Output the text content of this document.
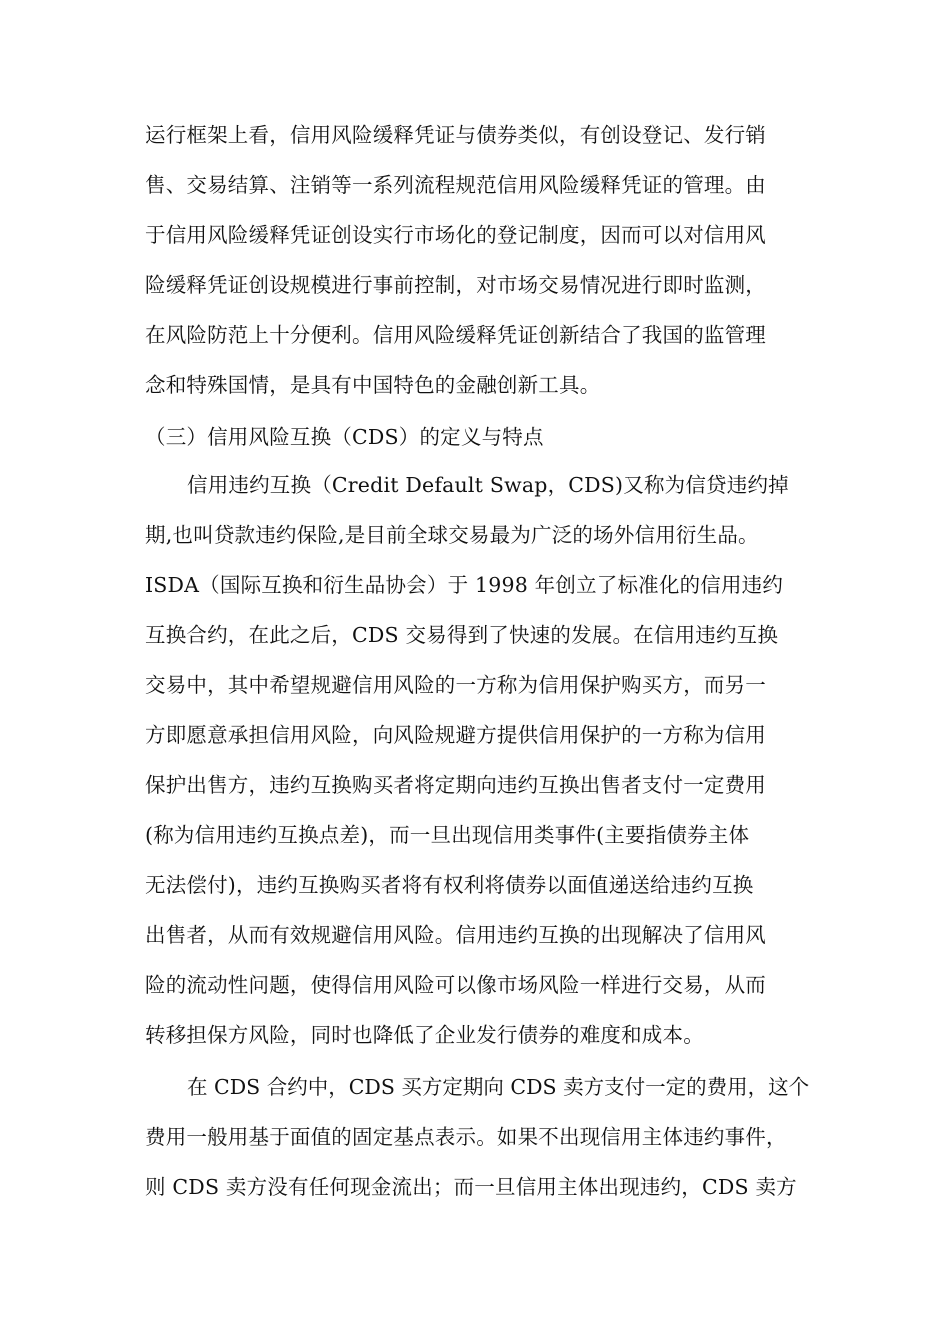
运行框架上看，信用风险缓释凭证与债券类似，有创设登记、发行销
售、交易结算、注销等一系列流程规范信用风险缓释凭证的管理。由
于信用风险缓释凭证创设实行市场化的登记制度，因而可以对信用风
险缓释凭证创设规模进行事前控制，对市场交易情况进行即时监测，
在风险防范上十分便利。信用风险缓释凭证创新结合了我国的监管理
念和特殊国情，是具有中国特色的金融创新工具。
（三）信用风险互换（CDS）的定义与特点
信用违约互换（Credit Default Swap，CDS)又称为信贷违约掉
期,也叫贷款违约保险,是目前全球交易最为广泛的场外信用衍生品。
ISDA（国际互换和衍生品协会）于 1998 年创立了标准化的信用违约
互换合约，在此之后，CDS 交易得到了快速的发展。在信用违约互换
交易中，其中希望规避信用风险的一方称为信用保护购买方，而另一
方即愿意承担信用风险，向风险规避方提供信用保护的一方称为信用
保护出售方，违约互换购买者将定期向违约互换出售者支付一定费用
(称为信用违约互换点差)，而一旦出现信用类事件(主要指债券主体
无法偿付)，违约互换购买者将有权利将债券以面值递送给违约互换
出售者，从而有效规避信用风险。信用违约互换的出现解决了信用风
险的流动性问题，使得信用风险可以像市场风险一样进行交易，从而
转移担保方风险，同时也降低了企业发行债券的难度和成本。
在 CDS 合约中，CDS 买方定期向 CDS 卖方支付一定的费用，这个
费用一般用基于面值的固定基点表示。如果不出现信用主体违约事件，
则 CDS 卖方没有任何现金流出；而一旦信用主体出现违约，CDS 卖方
